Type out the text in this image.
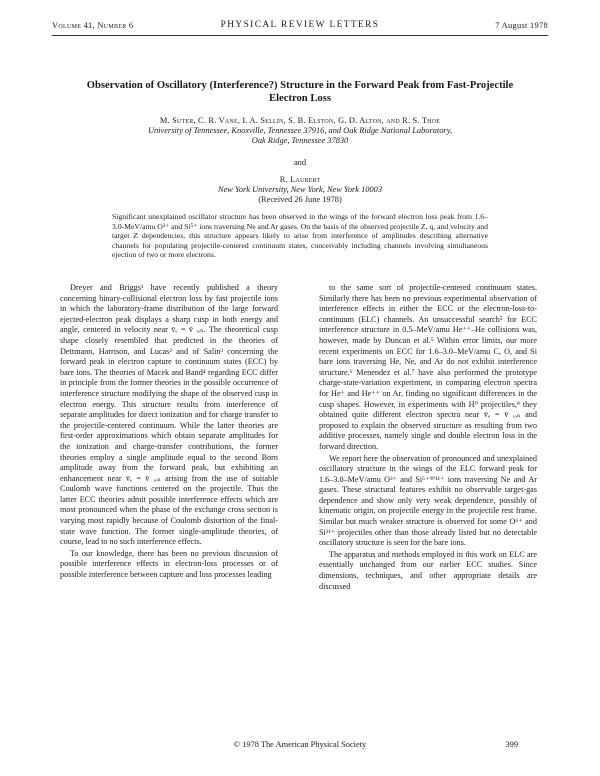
Volume 41, Number 6	PHYSICAL REVIEW LETTERS	7 August 1978
Observation of Oscillatory (Interference?) Structure in the Forward Peak from Fast-Projectile Electron Loss
M. Suter, C. R. Vane, I. A. Sellin, S. B. Elston, G. D. Alton, and R. S. Thoe
University of Tennessee, Knoxville, Tennessee 37916, and Oak Ridge National Laboratory,
Oak Ridge, Tennessee 37830
and
R. Laubert
New York University, New York, New York 10003
(Received 26 June 1978)
Significant unexplained oscillator structure has been observed in the wings of the forward electron loss peak from 1.6–3.0-MeV/amu O³⁺ and Si⁵⁺ ions traversing Ne and Ar gases. On the basis of the observed projectile Z, q, and velocity and target Z dependencies, this structure appears likely to arise from interference of amplitudes describing alternative channels for populating projectile-centered continuum states, conceivably including channels involving simultaneous ejection of two or more electrons.

Dreyer and Briggs¹ have recently published a theory concerning binary-collisional electron loss by fast projectile ions in which the laboratory-frame distribution of the large forward ejected-electron peak displays a sharp cusp in both energy and angle, centered in velocity near v̄ₑ = v̄ ᵢₒₙ. The theoretical cusp shape closely resembled that predicted in the theories of Dettmann, Harrison, and Lucas² and of Salin³ concerning the forward peak in electron capture to continuum states (ECC) by bare ions. The theories of Macek and Band⁴ regarding ECC differ in principle from the former theories in the possible occurrence of interference structure modifying the shape of the observed cusp in electron energy. This structure results from interference of separate amplitudes for direct ionization and for charge transfer to the projectile-centered continuum. While the latter theories are first-order approximations which obtain separate amplitudes for the ionization and charge-transfer contributions, the former theories employ a single amplitude equal to the second Born amplitude away from the forward peak, but exhibiting an enhancement near v̄ₑ = v̄ ᵢₒₙ arising from the use of suitable Coulomb wave functions centered on the projectile. Thus the latter ECC theories admit possible interference effects which are most pronounced when the phase of the exchange cross section is varying most rapidly because of Coulomb distortion of the final-state wave function. The former single-amplitude theories, of course, lead to no such interference effects.

To our knowledge, there has been no previous discussion of possible interference effects in electron-loss processes or of possible interference between capture and loss processes leading

to the same sort of projectile-centered continuum states. Similarly there has been no previous experimental observation of interference effects in either the ECC or the electron-loss-to-continuum (ELC) channels. An unsuccessful search⁵ for ECC interference structure in 0.5–MeV/amu He⁺⁺–He collisions was, however, made by Duncan et al.⁵ Within error limits, our more recent experiments on ECC for 1.6–3.0–MeV/amu C, O, and Si bare ions traversing He, Ne, and Ar do not exhibit interference structure.⁶ Menendez et al.⁷ have also performed the prototype charge-state-variation experiment, in comparing electron spectra for He⁺ and He⁺⁺ on Ar, finding no significant differences in the cusp shapes. However, in experiments with H⁰ projectiles,⁸ they obtained quite different electron spectra near v̄ₑ = v̄ ᵢₒₙ and proposed to explain the observed structure as resulting from two additive processes, namely single and double electron loss in the forward direction.

We report here the observation of pronounced and unexplained oscillatory structure in the wings of the ELC forward peak for 1.6–3.0–MeV/amu O³⁺ and Si⁵⁺'⁸'¹¹⁺ ions traversing Ne and Ar gases. These structural features exhibit no observable target-gas dependence and show only very weak dependence, possibly of kinematic origin, on projectile energy in the projectile rest frame. Similar but much weaker structure is observed for some O⁶⁺ and Si¹¹⁺ projectiles other than those already listed but no detectable oscillatory structure is seen for the bare ions.

The apparatus and methods employed in this work on ELC are essentially unchanged from our earlier ECC studies. Since dimensions, techniques, and other appropriate details are discussed

© 1978 The American Physical Society	399
